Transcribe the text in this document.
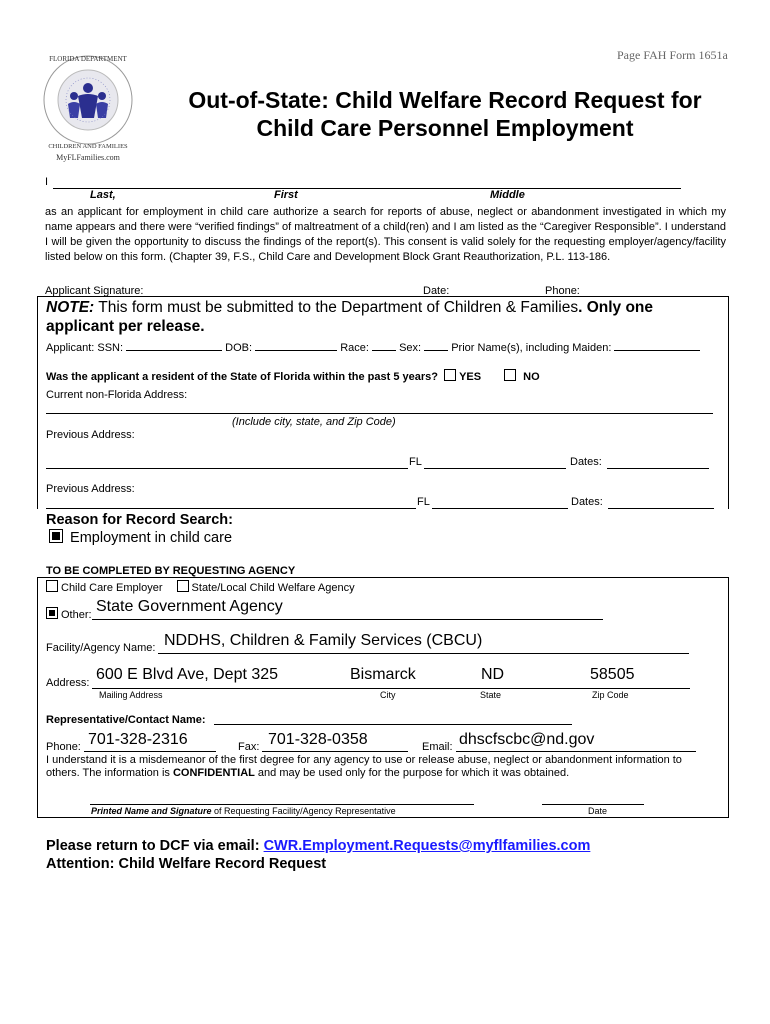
Page FAH Form 1651a
FLORIDA DEPARTMENT
CHILDREN AND FAMILIES
MyFLFamilies.com
Out-of-State: Child Welfare Record Request for
Child Care Personnel Employment
I
Last,	First	Middle
as an applicant for employment in child care authorize a search for reports of abuse, neglect or abandonment investigated in which my name appears and there were “verified findings” of maltreatment of a child(ren) and I am listed as the “Caregiver Responsible”. I understand I will be given the opportunity to discuss the findings of the report(s). This consent is valid solely for the requesting employer/agency/facility listed below on this form. (Chapter 39, F.S., Child Care and Development Block Grant Reauthorization, P.L. 113-186.
Applicant Signature:	Date:	Phone:
NOTE: This form must be submitted to the Department of Children & Families. Only one applicant per release.
Applicant: SSN:	DOB:	Race:	Sex:	Prior Name(s), including Maiden:
Was the applicant a resident of the State of Florida within the past 5 years? YES	NO
Current non-Florida Address:
(Include city, state, and Zip Code)
Previous Address:
FL	Dates:
Previous Address:
FL	Dates:
Reason for Record Search:
Employment in child care
TO BE COMPLETED BY REQUESTING AGENCY
Child Care Employer	State/Local Child Welfare Agency
Other: State Government Agency
Facility/Agency Name: NDDHS, Children & Family Services (CBCU)
Address: 600 E Blvd Ave, Dept 325	Bismarck	ND	58505
Mailing Address	City	State	Zip Code
Representative/Contact Name:
Phone: 701-328-2316	Fax: 701-328-0358	Email: dhscfscbc@nd.gov
I understand it is a misdemeanor of the first degree for any agency to use or release abuse, neglect or abandonment information to others. The information is CONFIDENTIAL and may be used only for the purpose for which it was obtained.
Printed Name and Signature of Requesting Facility/Agency Representative	Date
Please return to DCF via email: CWR.Employment.Requests@myflfamilies.com
Attention: Child Welfare Record Request
